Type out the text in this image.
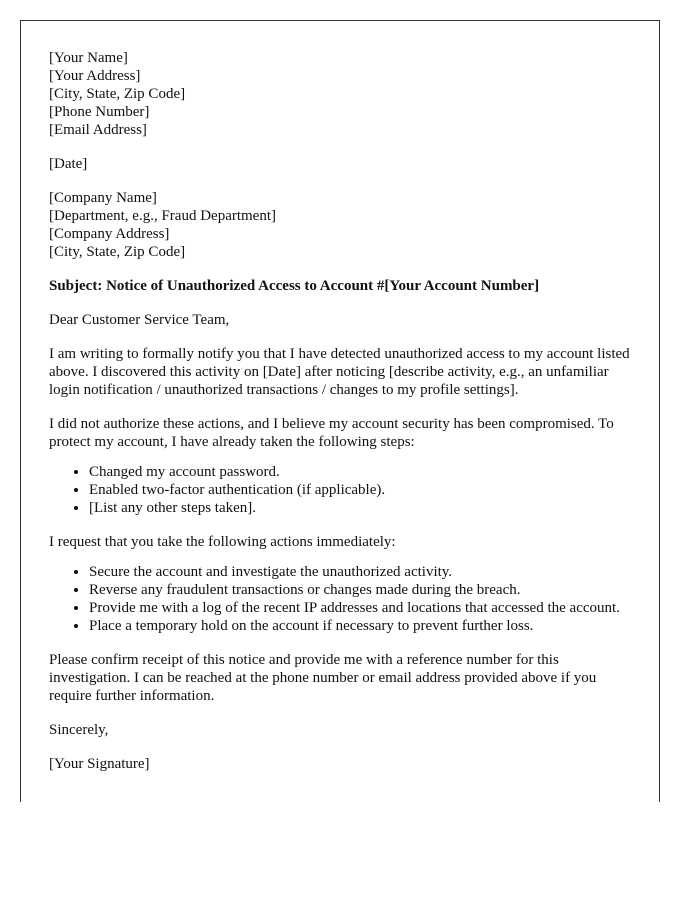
[Your Name]
[Your Address]
[City, State, Zip Code]
[Phone Number]
[Email Address]
[Date]
[Company Name]
[Department, e.g., Fraud Department]
[Company Address]
[City, State, Zip Code]

Subject: Notice of Unauthorized Access to Account #[Your Account Number]

Dear Customer Service Team,

I am writing to formally notify you that I have detected unauthorized access to my account listed above. I discovered this activity on [Date] after noticing [describe activity, e.g., an unfamiliar login notification / unauthorized transactions / changes to my profile settings].

I did not authorize these actions, and I believe my account security has been compromised. To protect my account, I have already taken the following steps:

• Changed my account password.
• Enabled two-factor authentication (if applicable).
• [List any other steps taken].

I request that you take the following actions immediately:

• Secure the account and investigate the unauthorized activity.
• Reverse any fraudulent transactions or changes made during the breach.
• Provide me with a log of the recent IP addresses and locations that accessed the account.
• Place a temporary hold on the account if necessary to prevent further loss.

Please confirm receipt of this notice and provide me with a reference number for this investigation. I can be reached at the phone number or email address provided above if you require further information.

Sincerely,

[Your Signature]
